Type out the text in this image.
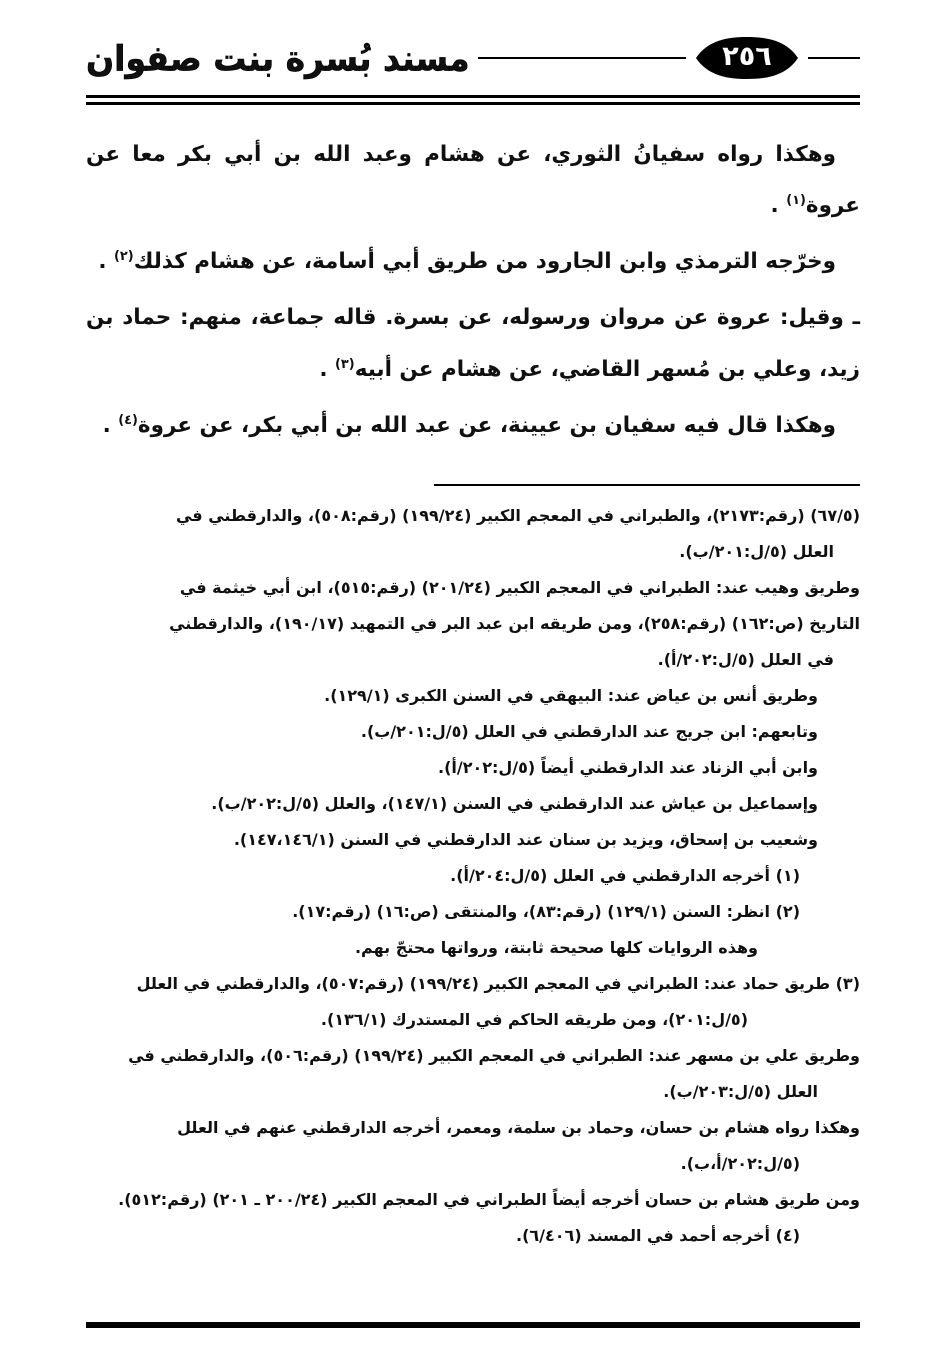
مسند بُسرة بنت صفوان	٢٥٦

وهكذا رواه سفيانُ الثوري، عن هشام وعبد الله بن أبي بكر معا عن عروة$^{(١)}$ .

وخرّجه الترمذي وابن الجارود من طريق أبي أسامة، عن هشام كذلك$^{(٢)}$ .

ـ وقيل: عروة عن مروان ورسوله، عن بسرة. قاله جماعة، منهم: حماد بن زيد، وعلي بن مُسهر القاضي، عن هشام عن أبيه$^{(٣)}$ .

وهكذا قال فيه سفيان بن عيينة، عن عبد الله بن أبي بكر، عن عروة$^{(٤)}$ .

(٦٧/٥) (رقم:٢١٧٣)، والطبراني في المعجم الكبير (١٩٩/٢٤) (رقم:٥٠٨)، والدارقطني في
العلل (٥/ل:٢٠١/ب).
وطريق وهيب عند: الطبراني في المعجم الكبير (٢٠١/٢٤) (رقم:٥١٥)، ابن أبي خيثمة في
التاريخ (ص:١٦٢) (رقم:٢٥٨)، ومن طريقه ابن عبد البر في التمهيد (١٩٠/١٧)، والدارقطني
في العلل (٥/ل:٢٠٢/أ).
وطريق أنس بن عياض عند: البيهقي في السنن الكبرى (١٢٩/١).
وتابعهم: ابن جريج عند الدارقطني في العلل (٥/ل:٢٠١/ب).
وابن أبي الزناد عند الدارقطني أيضاً (٥/ل:٢٠٢/أ).
وإسماعيل بن عياش عند الدارقطني في السنن (١٤٧/١)، والعلل (٥/ل:٢٠٢/ب).
وشعيب بن إسحاق، ويزيد بن سنان عند الدارقطني في السنن (١٤٧،١٤٦/١).
(١) أخرجه الدارقطني في العلل (٥/ل:٢٠٤/أ).
(٢) انظر: السنن (١٢٩/١) (رقم:٨٣)، والمنتقى (ص:١٦) (رقم:١٧).
وهذه الروايات كلها صحيحة ثابتة، ورواتها محتجّ بهم.
(٣) طريق حماد عند: الطبراني في المعجم الكبير (١٩٩/٢٤) (رقم:٥٠٧)، والدارقطني في العلل
(٥/ل:٢٠١)، ومن طريقه الحاكم في المستدرك (١٣٦/١).
وطريق علي بن مسهر عند: الطبراني في المعجم الكبير (١٩٩/٢٤) (رقم:٥٠٦)، والدارقطني في
العلل (٥/ل:٢٠٣/ب).
وهكذا رواه هشام بن حسان، وحماد بن سلمة، ومعمر، أخرجه الدارقطني عنهم في العلل
(٥/ل:٢٠٢/أ،ب).
ومن طريق هشام بن حسان أخرجه أيضاً الطبراني في المعجم الكبير (٢٠٠/٢٤ ـ ٢٠١) (رقم:٥١٢).
(٤) أخرجه أحمد في المسند (٦/٤٠٦).
